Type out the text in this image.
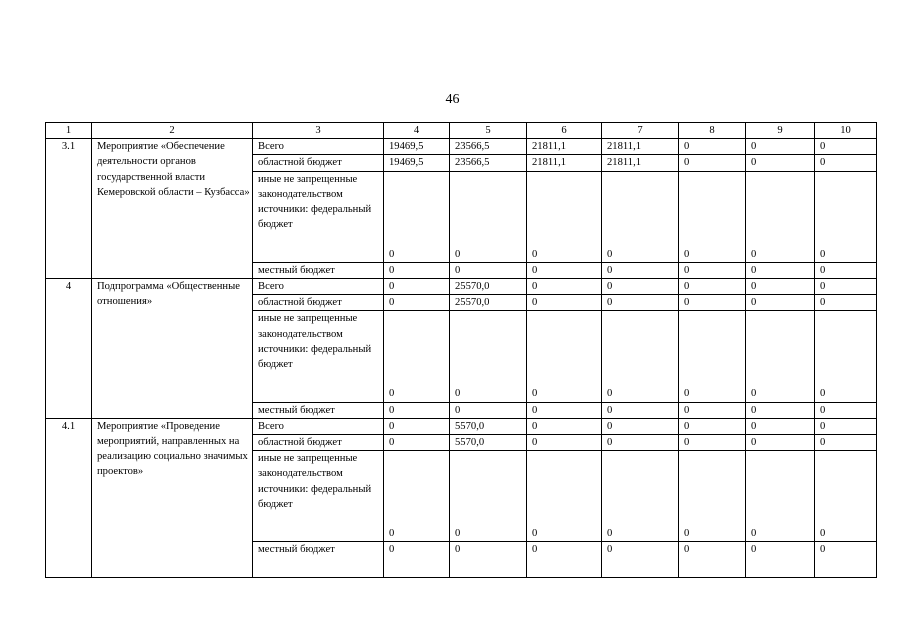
46
1	2	3	4	5	6	7	8	9	10
3.1	Мероприятие «Обеспечение деятельности органов государственной власти Кемеровской области – Кузбасса»	Всего	19469,5	23566,5	21811,1	21811,1	0	0	0
		областной бюджет	19469,5	23566,5	21811,1	21811,1	0	0	0
		иные не запрещенные законодательством источники: федеральный бюджет	0	0	0	0	0	0	0
		местный бюджет	0	0	0	0	0	0	0
4	Подпрограмма «Общественные отношения»	Всего	0	25570,0	0	0	0	0	0
		областной бюджет	0	25570,0	0	0	0	0	0
		иные не запрещенные законодательством источники: федеральный бюджет	0	0	0	0	0	0	0
		местный бюджет	0	0	0	0	0	0	0
4.1	Мероприятие «Проведение мероприятий, направленных на реализацию социально значимых проектов»	Всего	0	5570,0	0	0	0	0	0
		областной бюджет	0	5570,0	0	0	0	0	0
		иные не запрещенные законодательством источники: федеральный бюджет	0	0	0	0	0	0	0
		местный бюджет	0	0	0	0	0	0	0
